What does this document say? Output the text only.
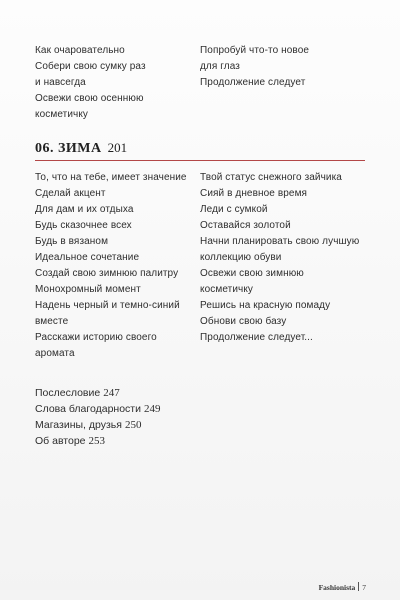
Как очаровательно
Собери свою сумку раз
и навсегда
Освежи свою осеннюю
косметичку
Попробуй что-то новое
для глаз
Продолжение следует
06. ЗИМА 201
То, что на тебе, имеет значение
Сделай акцент
Для дам и их отдыха
Будь сказочнее всех
Будь в вязаном
Идеальное сочетание
Создай свою зимнюю палитру
Монохромный момент
Надень черный и темно-синий
вместе
Расскажи историю своего
аромата
Твой статус снежного зайчика
Сияй в дневное время
Леди с сумкой
Оставайся золотой
Начни планировать свою лучшую
коллекцию обуви
Освежи свою зимнюю
косметичку
Решись на красную помаду
Обнови свою базу
Продолжение следует...
Послесловие 247
Слова благодарности 249
Магазины, друзья 250
Об авторе 253
Fashionista 7
